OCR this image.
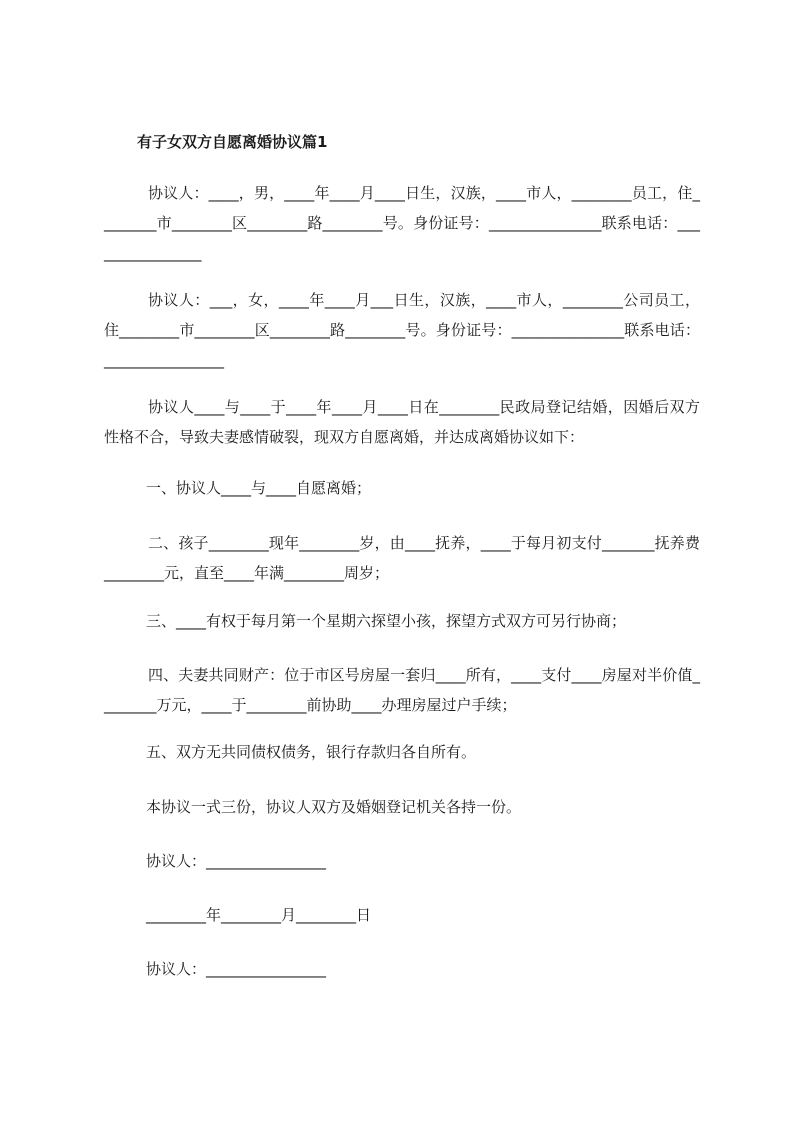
有子女双方自愿离婚协议篇1

协议人：____，男，____年____月____日生，汉族，____市人，________员工，住________市________区________路________号。身份证号：_______________联系电话：________________

协议人：___，女，____年____月___日生，汉族，____市人，________公司员工，住________市________区________路________号。身份证号：_______________联系电话：________________

协议人____与____于____年____月____日在________民政局登记结婚，因婚后双方性格不合，导致夫妻感情破裂，现双方自愿离婚，并达成离婚协议如下：

一、协议人____与____自愿离婚；

二、孩子________现年________岁，由____抚养，____于每月初支付_______抚养费________元，直至____年满________周岁；

三、____有权于每月第一个星期六探望小孩，探望方式双方可另行协商；

四、夫妻共同财产：位于市区号房屋一套归____所有，____支付____房屋对半价值________万元，____于________前协助____办理房屋过户手续；

五、双方无共同债权债务，银行存款归各自所有。

本协议一式三份，协议人双方及婚姻登记机关各持一份。

协议人：________________

________年________月________日

协议人：________________
